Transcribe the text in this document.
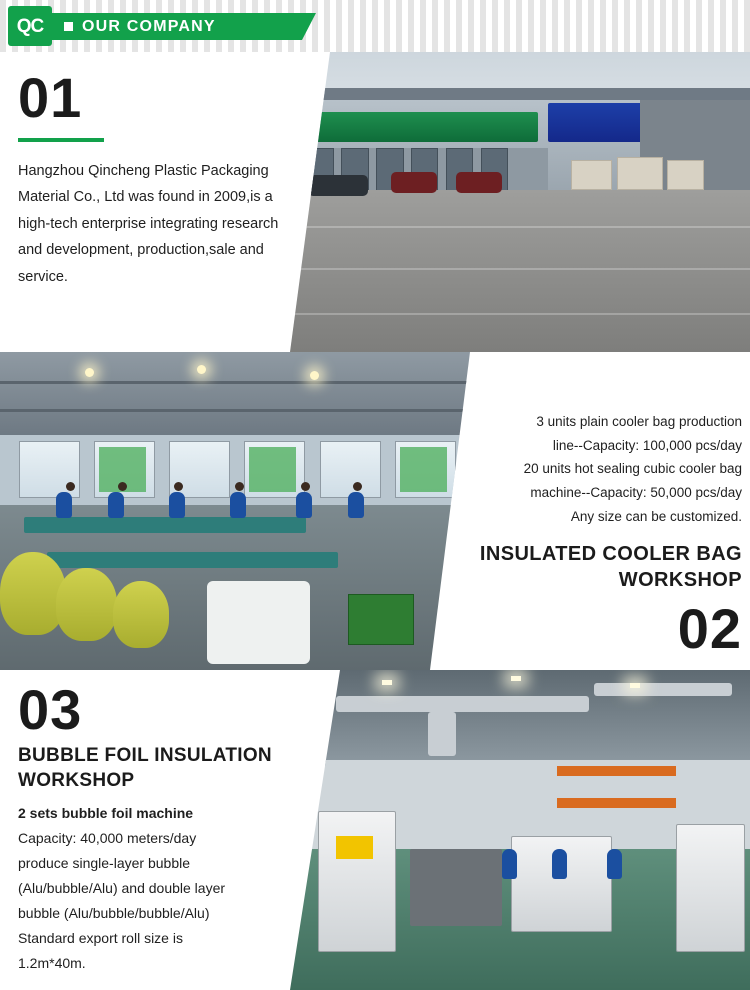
QC OUR COMPANY
01
Hangzhou Qincheng Plastic Packaging Material Co., Ltd was found in 2009,is a high-tech enterprise integrating research and development, production,sale and service.
3 units plain cooler bag production
line--Capacity: 100,000 pcs/day
20 units hot sealing cubic cooler bag
machine--Capacity: 50,000 pcs/day
Any size can be customized.
INSULATED COOLER BAG WORKSHOP
02
03
BUBBLE FOIL INSULATION WORKSHOP
2 sets bubble foil machine
Capacity: 40,000 meters/day
produce single-layer bubble
(Alu/bubble/Alu) and double layer
bubble (Alu/bubble/bubble/Alu)
Standard export roll size is
1.2m*40m.
